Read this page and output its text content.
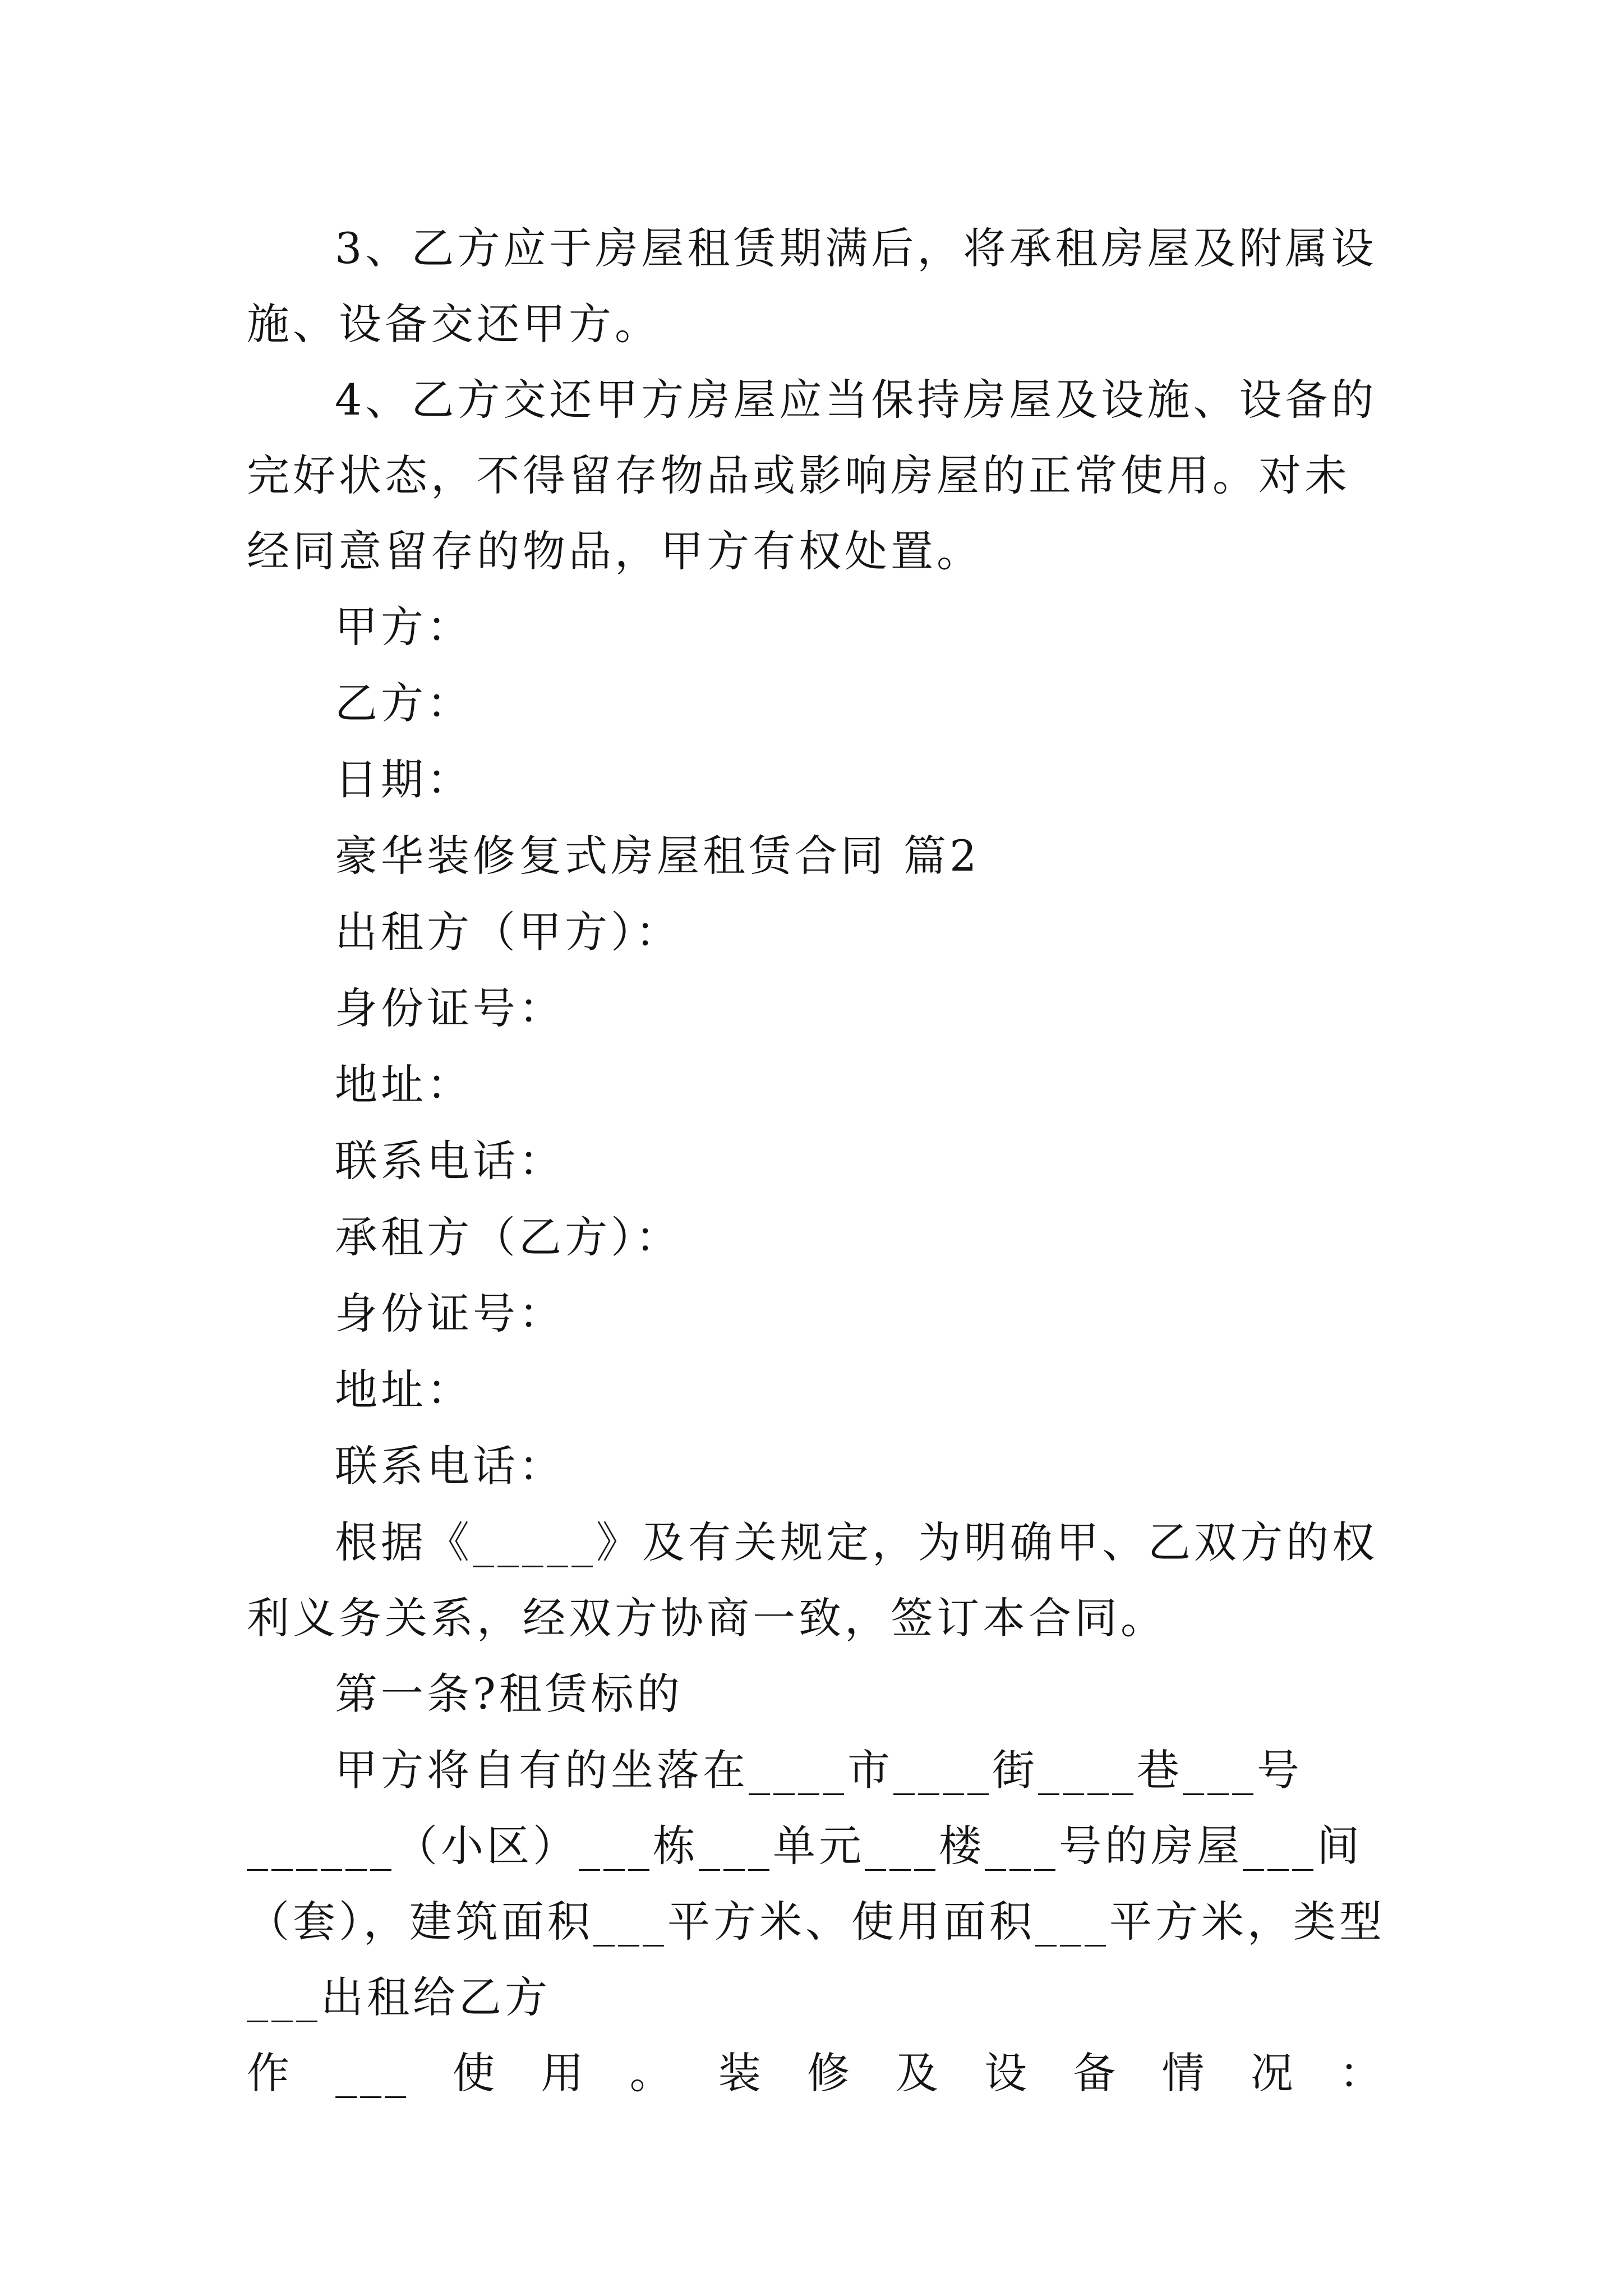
3、乙方应于房屋租赁期满后，将承租房屋及附属设施、设备交还甲方。

4、乙方交还甲方房屋应当保持房屋及设施、设备的完好状态，不得留存物品或影响房屋的正常使用。对未经同意留存的物品，甲方有权处置。

甲方：

乙方：

日期：

豪华装修复式房屋租赁合同 篇2

出租方（甲方）：

身份证号：

地址：

联系电话：

承租方（乙方）：

身份证号：

地址：

联系电话：

根据《_____》及有关规定，为明确甲、乙双方的权利义务关系，经双方协商一致，签订本合同。

第一条?租赁标的

甲方将自有的坐落在____市____街____巷___号______（小区）___栋___单元___楼___号的房屋___间（套），建筑面积___平方米、使用面积___平方米，类型___出租给乙方

作 ___ 使 用 。 装 修 及 设 备 情 况 ：
